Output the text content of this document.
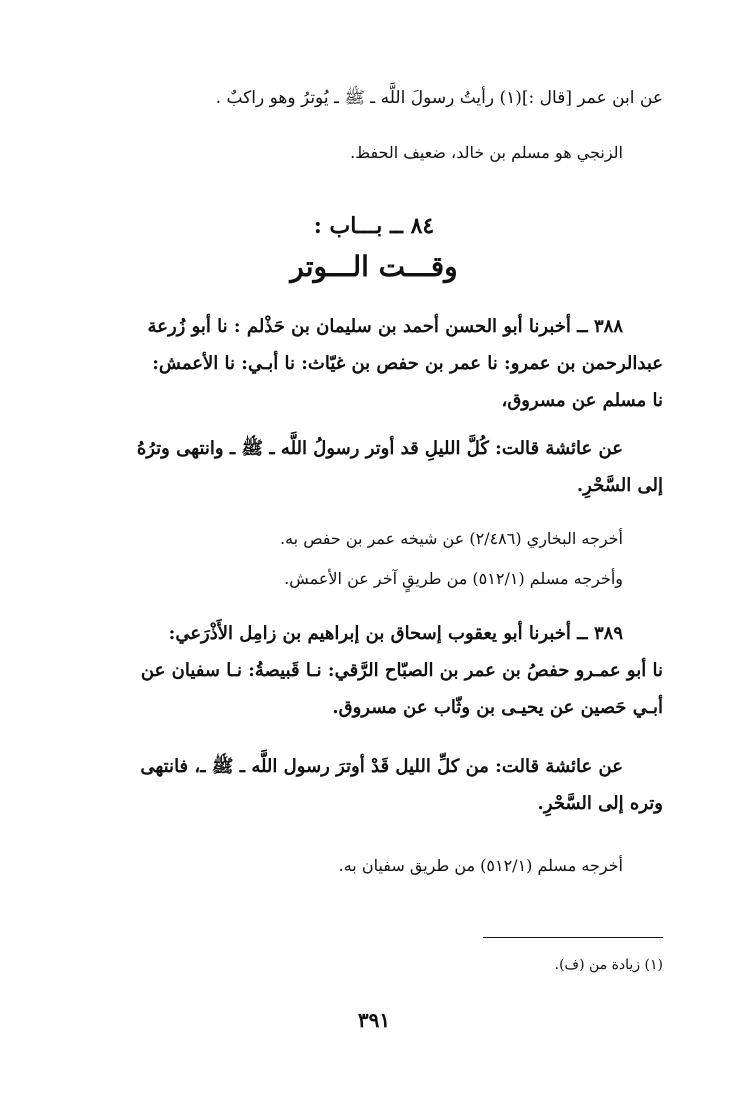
عن ابن عمر [قال :](١) رأيتُ رسولَ اللَّه ـ ﷺ ـ يُوترُ وهو راكبٌ .
الزنجي هو مسلم بن خالد، ضعيف الحفظ.
٨٤ ــ بـــاب :
وقـــت الـــوتر
٣٨٨ ــ أخبرنا أبو الحسن أحمد بن سليمان بن حَذْلم : نا أبو زُرعة
عبدالرحمن بن عمرو: نا عمر بن حفص بن غيّاث: نا أبـي: نا الأعمش:
نا مسلم عن مسروق،
عن عائشة قالت: كُلَّ الليلِ قد أوتر رسولُ اللَّه ـ ﷺ ـ وانتهى وترُهُ
إلى السَّحْرِ.
أخرجه البخاري (٢/٤٨٦) عن شيخه عمر بن حفص به.
وأخرجه مسلم (٥١٢/١) من طريقٍ آخر عن الأعمش.
٣٨٩ ــ أخبرنا أبو يعقوب إسحاق بن إبراهيم بن زامِل الأَذْرَعي:
نا أبو عمـرو حفصُ بن عمر بن الصبّاح الرَّقي: نـا قَبيصةُ: نـا سفيان عن
أبـي حَصين عن يحيـى بن وثّاب عن مسروق.
عن عائشة قالت: من كلِّ الليل قَدْ أوترَ رسول اللَّه ـ ﷺ ـ، فانتهى
وتره إلى السَّحْرِ.
أخرجه مسلم (٥١٢/١) من طريق سفيان به.
(١) زيادة من (ف).
٣٩١
